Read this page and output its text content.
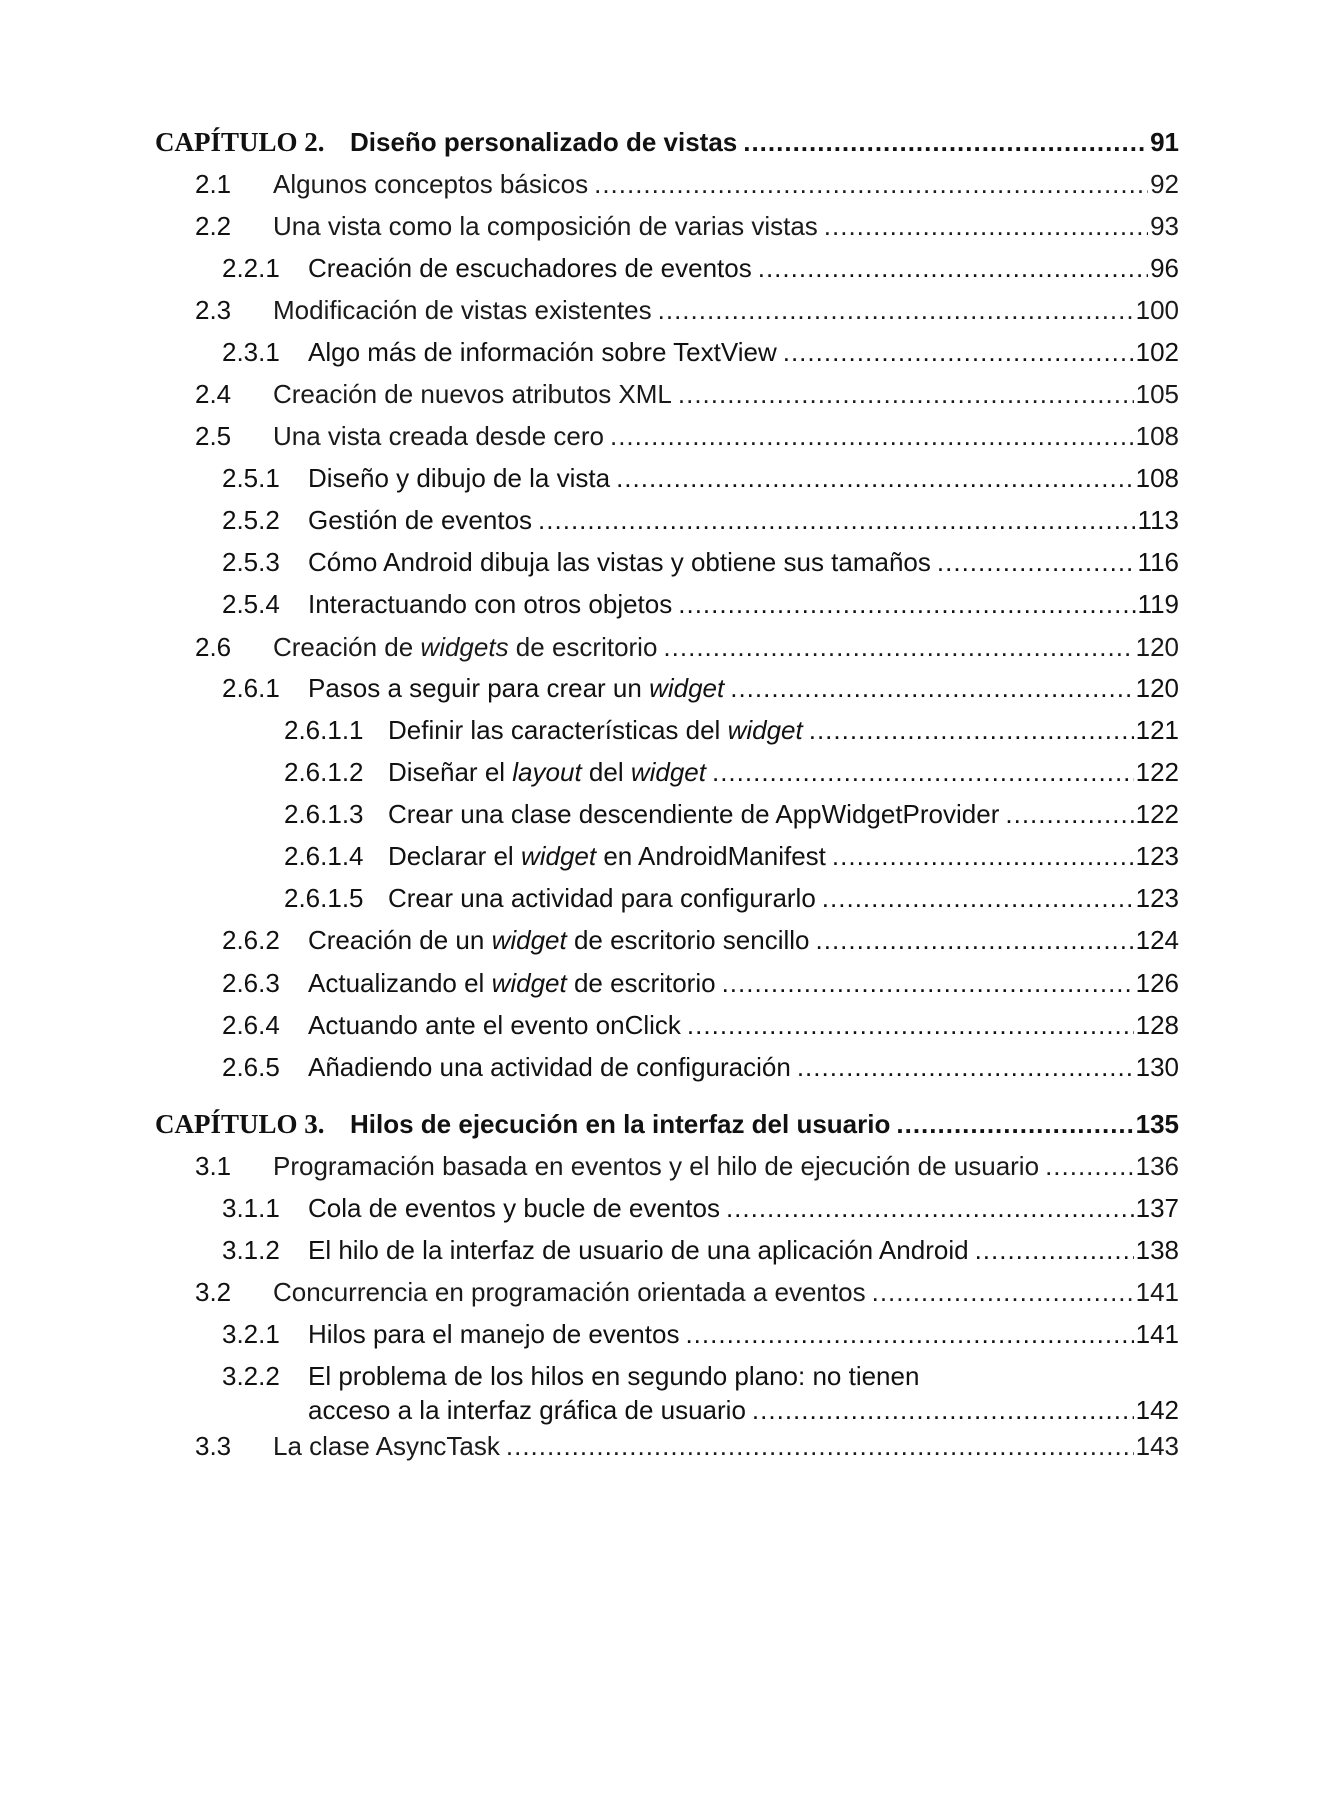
CAPÍTULO 2. Diseño personalizado de vistas .....	91
2.1 Algunos conceptos básicos .....	92
2.2 Una vista como la composición de varias vistas .....	93
2.2.1 Creación de escuchadores de eventos .....	96
2.3 Modificación de vistas existentes .....	100
2.3.1 Algo más de información sobre TextView .....	102
2.4 Creación de nuevos atributos XML .....	105
2.5 Una vista creada desde cero .....	108
2.5.1 Diseño y dibujo de la vista .....	108
2.5.2 Gestión de eventos .....	113
2.5.3 Cómo Android dibuja las vistas y obtiene sus tamaños .....	116
2.5.4 Interactuando con otros objetos .....	119
2.6 Creación de widgets de escritorio .....	120
2.6.1 Pasos a seguir para crear un widget .....	120
2.6.1.1 Definir las características del widget .....	121
2.6.1.2 Diseñar el layout del widget .....	122
2.6.1.3 Crear una clase descendiente de AppWidgetProvider .....	122
2.6.1.4 Declarar el widget en AndroidManifest .....	123
2.6.1.5 Crear una actividad para configurarlo .....	123
2.6.2 Creación de un widget de escritorio sencillo .....	124
2.6.3 Actualizando el widget de escritorio .....	126
2.6.4 Actuando ante el evento onClick .....	128
2.6.5 Añadiendo una actividad de configuración .....	130
CAPÍTULO 3. Hilos de ejecución en la interfaz del usuario .....	135
3.1 Programación basada en eventos y el hilo de ejecución de usuario .....	136
3.1.1 Cola de eventos y bucle de eventos .....	137
3.1.2 El hilo de la interfaz de usuario de una aplicación Android .....	138
3.2 Concurrencia en programación orientada a eventos .....	141
3.2.1 Hilos para el manejo de eventos .....	141
3.2.2 El problema de los hilos en segundo plano: no tienen
acceso a la interfaz gráfica de usuario .....	142
3.3 La clase AsyncTask .....	143
